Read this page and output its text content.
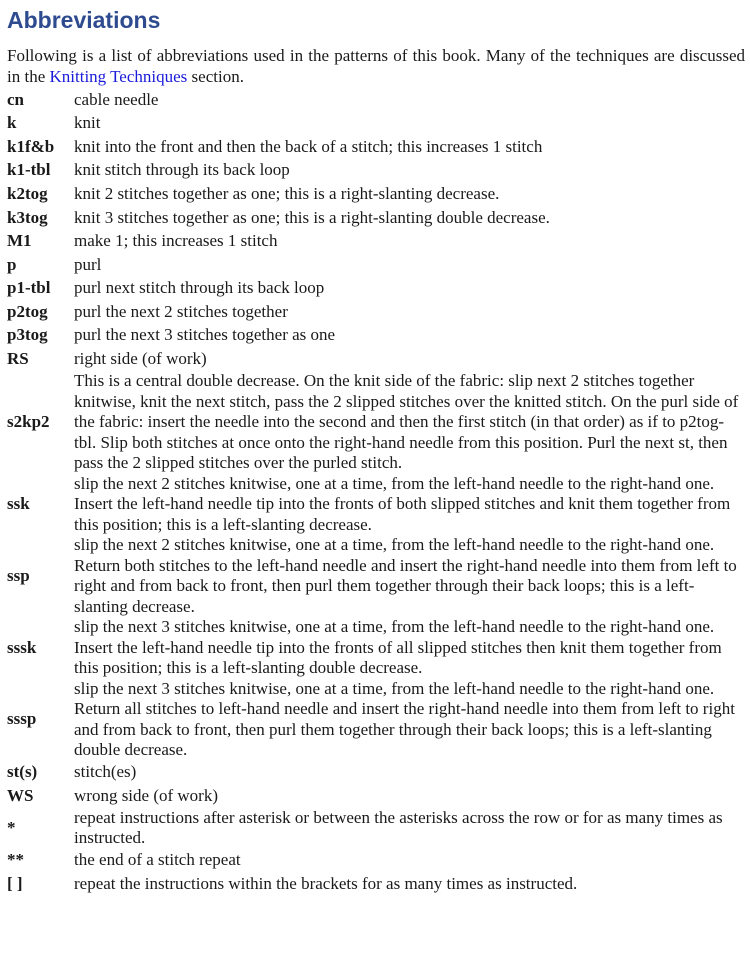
Abbreviations

Following is a list of abbreviations used in the patterns of this book. Many of the techniques are discussed in the Knitting Techniques section.

cn	cable needle
k	knit
k1f&b	knit into the front and then the back of a stitch; this increases 1 stitch
k1-tbl	knit stitch through its back loop
k2tog	knit 2 stitches together as one; this is a right-slanting decrease.
k3tog	knit 3 stitches together as one; this is a right-slanting double decrease.
M1	make 1; this increases 1 stitch
p	purl
p1-tbl	purl next stitch through its back loop
p2tog	purl the next 2 stitches together
p3tog	purl the next 3 stitches together as one
RS	right side (of work)
s2kp2	This is a central double decrease. On the knit side of the fabric: slip next 2 stitches together knitwise, knit the next stitch, pass the 2 slipped stitches over the knitted stitch. On the purl side of the fabric: insert the needle into the second and then the first stitch (in that order) as if to p2tog-tbl. Slip both stitches at once onto the right-hand needle from this position. Purl the next st, then pass the 2 slipped stitches over the purled stitch.
ssk	slip the next 2 stitches knitwise, one at a time, from the left-hand needle to the right-hand one. Insert the left-hand needle tip into the fronts of both slipped stitches and knit them together from this position; this is a left-slanting decrease.
ssp	slip the next 2 stitches knitwise, one at a time, from the left-hand needle to the right-hand one. Return both stitches to the left-hand needle and insert the right-hand needle into them from left to right and from back to front, then purl them together through their back loops; this is a left-slanting decrease.
sssk	slip the next 3 stitches knitwise, one at a time, from the left-hand needle to the right-hand one. Insert the left-hand needle tip into the fronts of all slipped stitches then knit them together from this position; this is a left-slanting double decrease.
sssp	slip the next 3 stitches knitwise, one at a time, from the left-hand needle to the right-hand one. Return all stitches to left-hand needle and insert the right-hand needle into them from left to right and from back to front, then purl them together through their back loops; this is a left-slanting double decrease.
st(s)	stitch(es)
WS	wrong side (of work)
*	repeat instructions after asterisk or between the asterisks across the row or for as many times as instructed.
**	the end of a stitch repeat
[ ]	repeat the instructions within the brackets for as many times as instructed.
